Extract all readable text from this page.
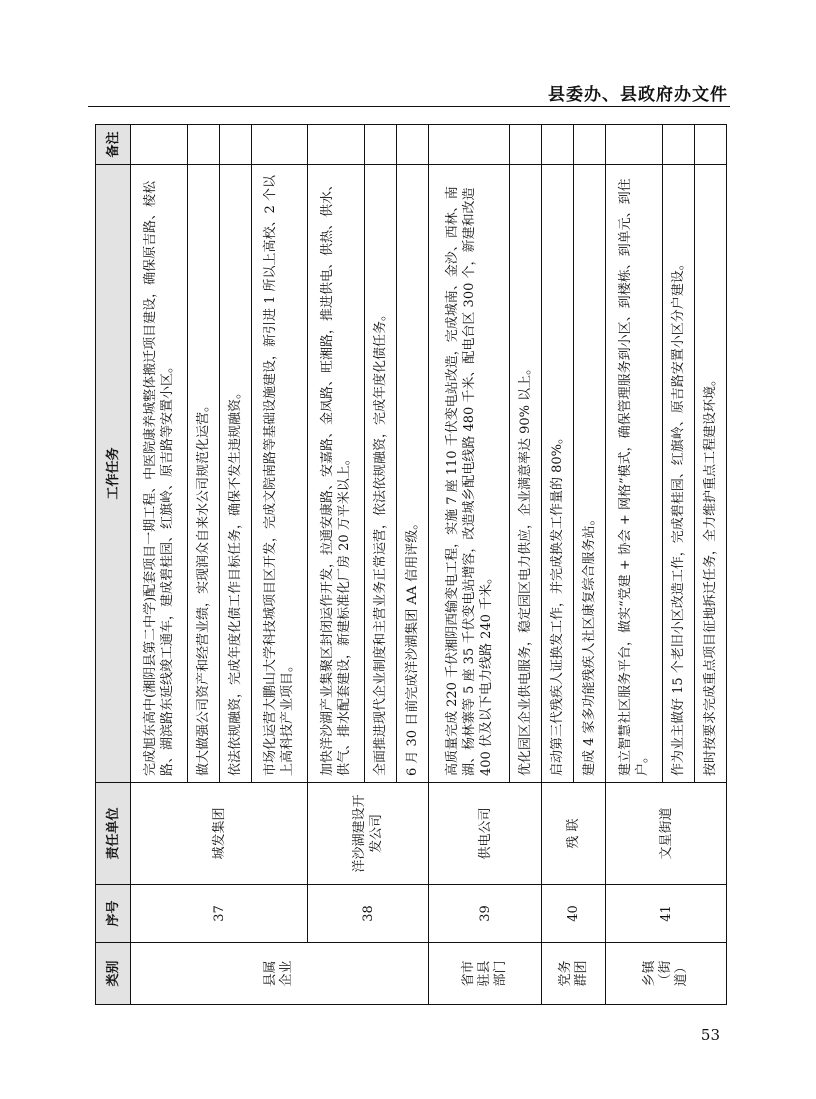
县委办、县政府办文件
类别	序号	责任单位	工作任务	备注
县属企业	37	城发集团	完成旭东高中(湘阴县第二中学)配套项目一期工程、中医院康养城整体搬迁项目建设，确保原吉路、棱松路、湖滨路东延线竣工通车，建成碧桂园、红旗岭、原吉路等安置小区。	
			做大做强公司资产和经营业绩，实现润众自来水公司规范化运营。	
			依法依规融资，完成年度化债工作目标任务，确保不发生违规融资。	
			市场化运营大鹏山大学科技城项目区开发，完成文院南路等基础设施建设，新引进 1 所以上高校、2 个以上高科技产业项目。	
	38	洋沙湖建设开发公司	加快洋沙湖产业集聚区封闭运作开发，拉通安康路、安嘉路、金凤路、旺湘路，推进供电、供热、供水、供气、排水配套建设，新建标准化厂房 20 万平米以上。	
			全面推进现代企业制度和主营业务正常运营，依法依规融资，完成年度化债任务。	
			6 月 30 日前完成洋沙湖集团 AA 信用评级。	
省市驻县部门	39	供电公司	高质量完成 220 千伏湘阴西输变电工程，实施 7 座 110 千伏变电站改造，完成城南、金沙、西林、南湖、杨林寨等 5 座 35 千伏变电站增容，改造城乡配电线路 480 千米、配电台区 300 个，新建和改造 400 伏及以下电力线路 240 千米。	
			优化园区企业供电服务，稳定园区电力供应，企业满意率达 90% 以上。	
党务群团	40	残 联	启动第三代残疾人证换发工作，并完成换发工作量的 80%。	
			建成 4 家多功能残疾人社区康复综合服务站。	
乡镇（街道）	41	文星街道	建立智慧社区服务平台，做实“党建 + 协会 + 网格”模式，确保管理服务到小区、到楼栋、到单元、到住户。	
			作为业主做好 15 个老旧小区改造工作，完成碧桂园、红旗岭、原吉路安置小区分户建设。	
			按时按要求完成重点项目征地拆迁任务，全力维护重点工程建设环境。	
53
